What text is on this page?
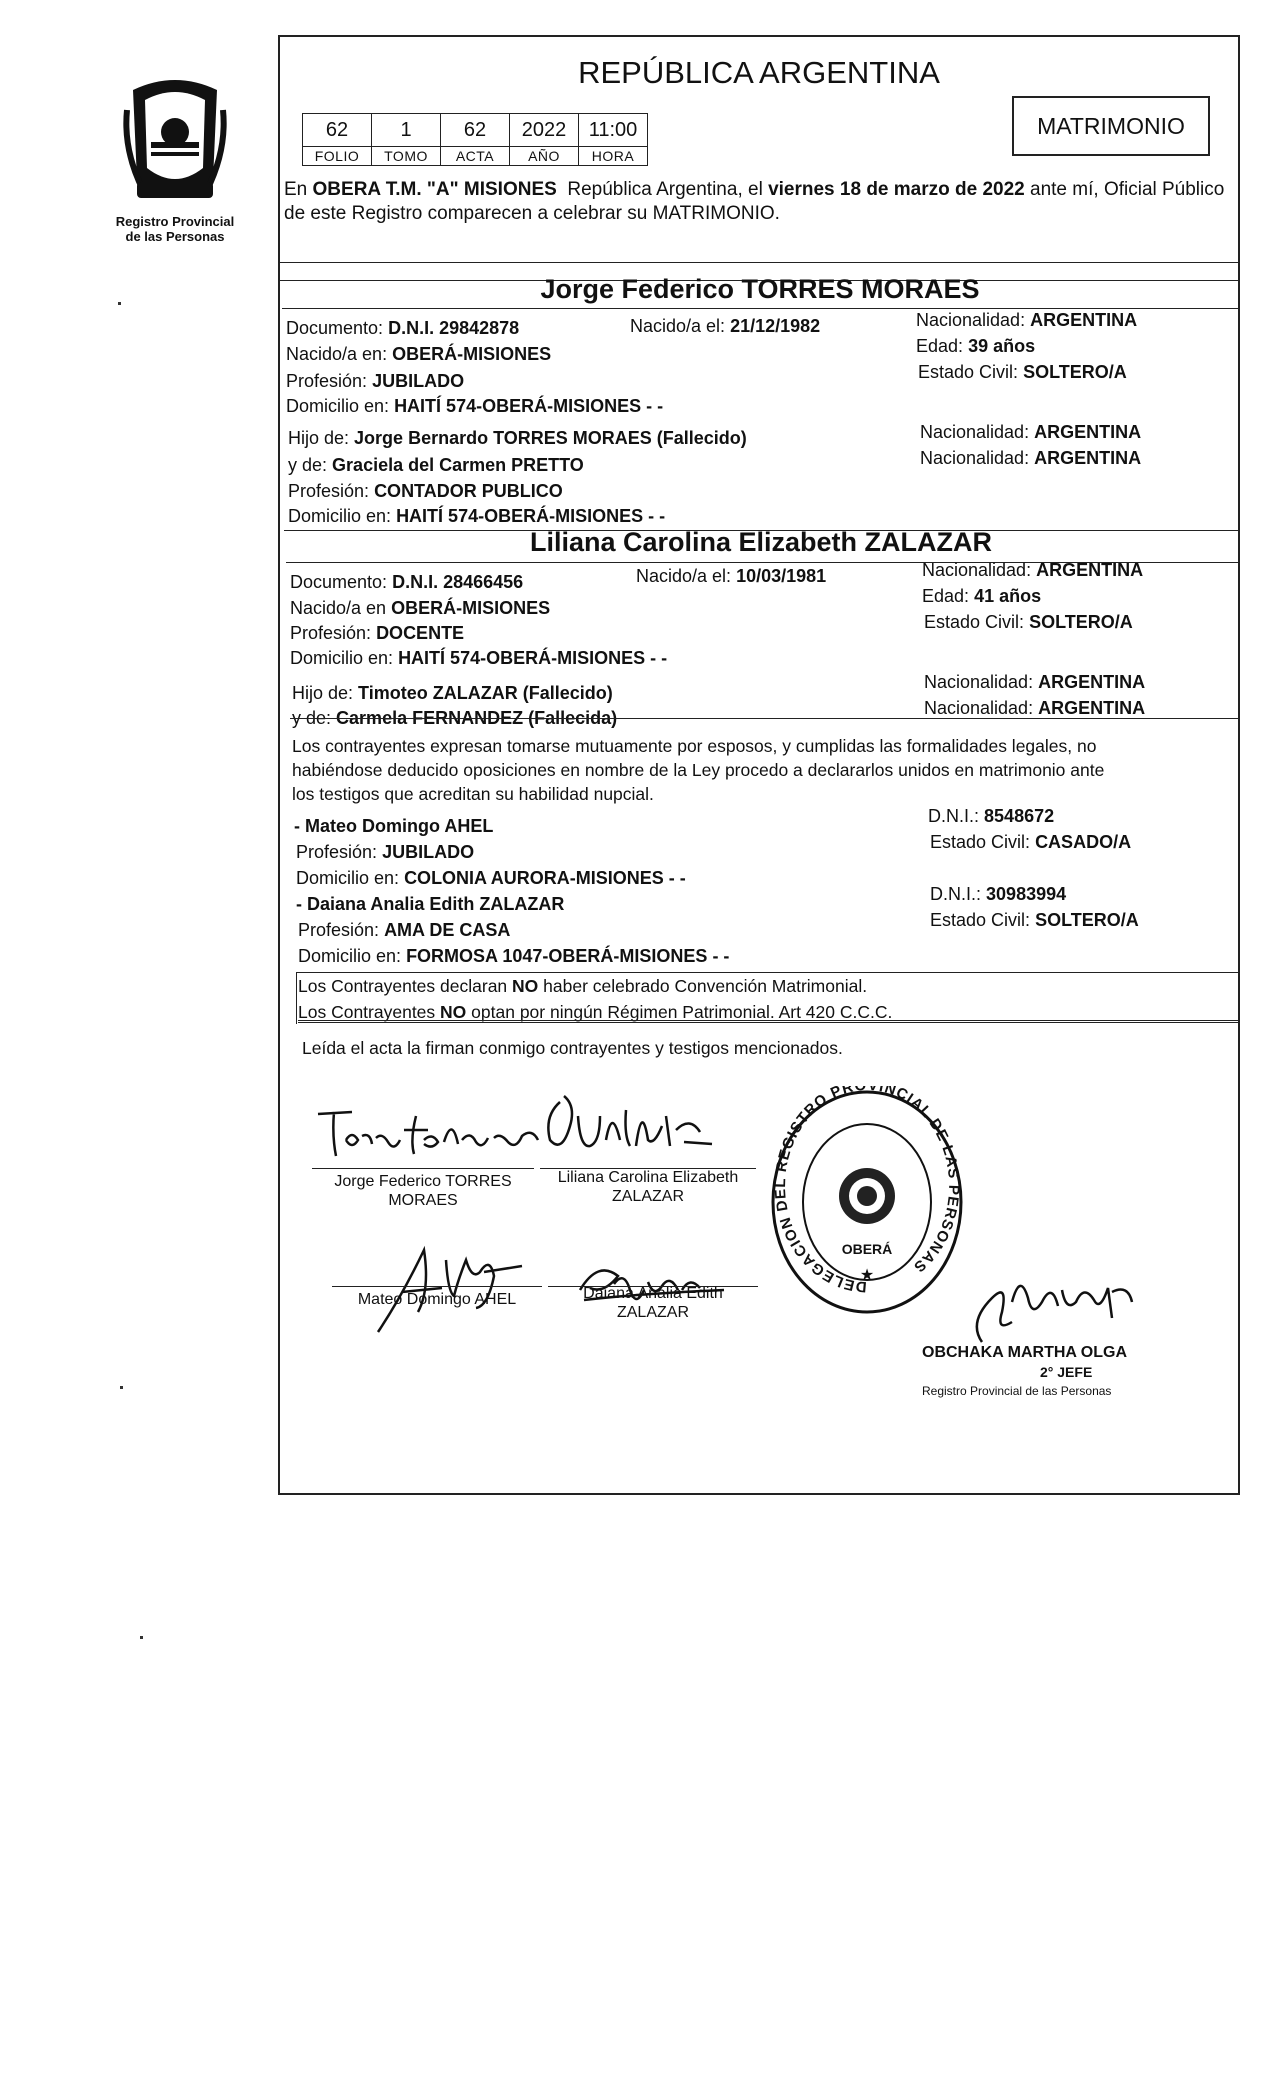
Registro Provincial
de las Personas
REPÚBLICA ARGENTINA
62	1	62	2022	11:00
FOLIO	TOMO	ACTA	AÑO	HORA
MATRIMONIO
En OBERA T.M. "A" MISIONES República Argentina, el viernes 18 de marzo de 2022 ante mí, Oficial Público de este Registro comparecen a celebrar su MATRIMONIO.
Jorge Federico TORRES MORAES
Documento: D.N.I. 29842878	Nacido/a el: 21/12/1982	Nacionalidad: ARGENTINA
Edad: 39 años
Estado Civil: SOLTERO/A
Nacido/a en: OBERÁ-MISIONES
Profesión: JUBILADO
Domicilio en: HAITÍ 574-OBERÁ-MISIONES - -
Hijo de: Jorge Bernardo TORRES MORAES (Fallecido)	Nacionalidad: ARGENTINA
y de: Graciela del Carmen PRETTO	Nacionalidad: ARGENTINA
Profesión: CONTADOR PUBLICO
Domicilio en: HAITÍ 574-OBERÁ-MISIONES - -
Liliana Carolina Elizabeth ZALAZAR
Documento: D.N.I. 28466456	Nacido/a el: 10/03/1981	Nacionalidad: ARGENTINA
Edad: 41 años
Estado Civil: SOLTERO/A
Nacido/a en OBERÁ-MISIONES
Profesión: DOCENTE
Domicilio en: HAITÍ 574-OBERÁ-MISIONES - -
Hijo de: Timoteo ZALAZAR (Fallecido)
Nacionalidad: ARGENTINA
y de: Carmela FERNANDEZ (Fallecida)	Nacionalidad: ARGENTINA
Los contrayentes expresan tomarse mutuamente por esposos, y cumplidas las formalidades legales, no
habiéndose deducido oposiciones en nombre de la Ley procedo a declararlos unidos en matrimonio ante
los testigos que acreditan su habilidad nupcial.
- Mateo Domingo AHEL	D.N.I.: 8548672
Estado Civil: CASADO/A
Profesión: JUBILADO
Domicilio en: COLONIA AURORA-MISIONES - -
- Daiana Analia Edith ZALAZAR	D.N.I.: 30983994
Estado Civil: SOLTERO/A
Profesión: AMA DE CASA
Domicilio en: FORMOSA 1047-OBERÁ-MISIONES - -
Los Contrayentes declaran NO haber celebrado Convención Matrimonial.
Los Contrayentes NO optan por ningún Régimen Patrimonial. Art 420 C.C.C.
Leída el acta la firman conmigo contrayentes y testigos mencionados.
Jorge Federico TORRES
MORAES
Liliana Carolina Elizabeth
ZALAZAR
Mateo Domingo AHEL	Daiana Analia Edith
ZALAZAR
DELEGACION DEL REGISTRO PR INCIAL DE LAS PERSONAS
OBERÁ
★
OBCHAKA MARTHA OLGA
2° JEFE
Registro Provincial de las Personas
